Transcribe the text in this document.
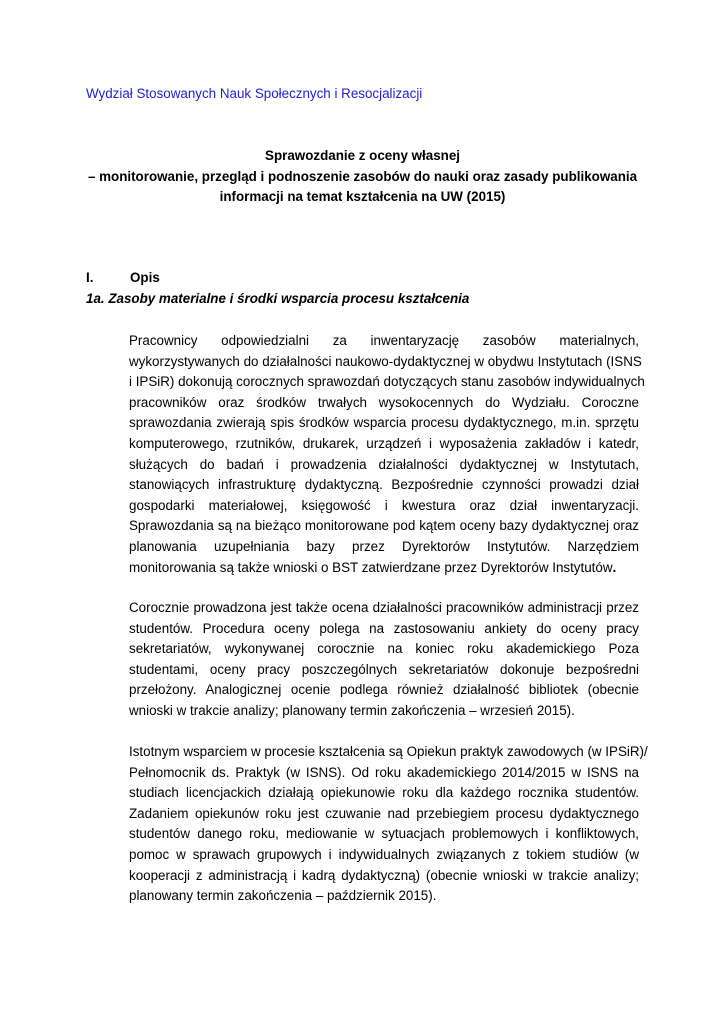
Wydział Stosowanych Nauk Społecznych i Resocjalizacji
Sprawozdanie z oceny własnej
– monitorowanie, przegląd i podnoszenie zasobów do nauki oraz zasady publikowania
informacji na temat kształcenia na UW (2015)
I.	Opis
1a. Zasoby materialne i środki wsparcia procesu kształcenia
Pracownicy odpowiedzialni za inwentaryzację zasobów materialnych,
wykorzystywanych do działalności naukowo-dydaktycznej w obydwu Instytutach (ISNS
i IPSiR) dokonują corocznych sprawozdań dotyczących stanu zasobów indywidualnych
pracowników oraz środków trwałych wysokocennych do Wydziału. Coroczne
sprawozdania zwierają spis środków wsparcia procesu dydaktycznego, m.in. sprzętu
komputerowego, rzutników, drukarek, urządzeń i wyposażenia zakładów i katedr,
służących do badań i prowadzenia działalności dydaktycznej w Instytutach,
stanowiących infrastrukturę dydaktyczną. Bezpośrednie czynności prowadzi dział
gospodarki materiałowej, księgowość i kwestura oraz dział inwentaryzacji.
Sprawozdania są na bieżąco monitorowane pod kątem oceny bazy dydaktycznej oraz
planowania uzupełniania bazy przez Dyrektorów Instytutów. Narzędziem
monitorowania są także wnioski o BST zatwierdzane przez Dyrektorów Instytutów.
Corocznie prowadzona jest także ocena działalności pracowników administracji przez
studentów. Procedura oceny polega na zastosowaniu ankiety do oceny pracy
sekretariatów, wykonywanej corocznie na koniec roku akademickiego Poza
studentami, oceny pracy poszczególnych sekretariatów dokonuje bezpośredni
przełożony. Analogicznej ocenie podlega również działalność bibliotek (obecnie
wnioski w trakcie analizy; planowany termin zakończenia – wrzesień 2015).
Istotnym wsparciem w procesie kształcenia są Opiekun praktyk zawodowych (w IPSiR)/
Pełnomocnik ds. Praktyk (w ISNS). Od roku akademickiego 2014/2015 w ISNS na
studiach licencjackich działają opiekunowie roku dla każdego rocznika studentów.
Zadaniem opiekunów roku jest czuwanie nad przebiegiem procesu dydaktycznego
studentów danego roku, mediowanie w sytuacjach problemowych i konfliktowych,
pomoc w sprawach grupowych i indywidualnych związanych z tokiem studiów (w
kooperacji z administracją i kadrą dydaktyczną) (obecnie wnioski w trakcie analizy;
planowany termin zakończenia – październik 2015).
